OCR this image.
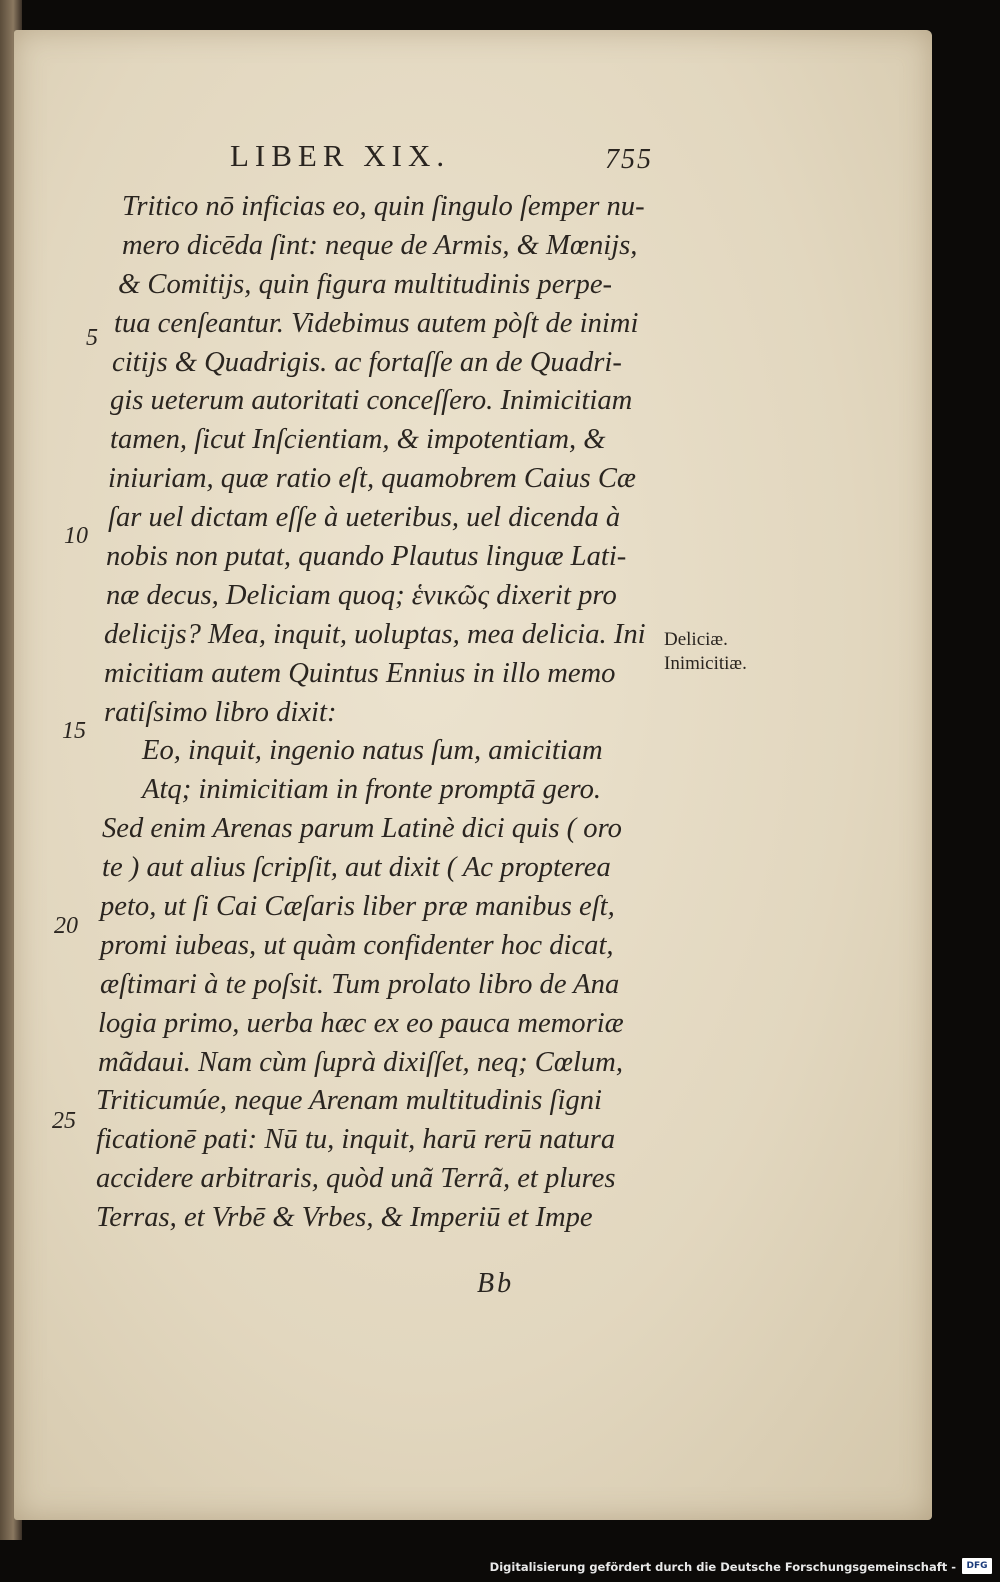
LIBER XIX.	755
5
10
15
20
25
Tritico nō inficias eo, quin ſingulo ſemper nu-
mero dicēda ſint: neque de Armis, & Mœnijs,
& Comitijs, quin figura multitudinis perpe-
tua cenſeantur. Videbimus autem pòſt de inimi
citijs & Quadrigis. ac fortaſſe an de Quadri-
gis ueterum autoritati conceſſero. Inimicitiam
tamen, ſicut Inſcientiam, & impotentiam, &
iniuriam, quæ ratio eſt, quamobrem Caius Cæ
ſar uel dictam eſſe à ueteribus, uel dicenda à
nobis non putat, quando Plautus linguæ Lati-
næ decus, Deliciam quoq; ἑνικῶς dixerit pro
delicijs? Mea, inquit, uoluptas, mea delicia. Ini
micitiam autem Quintus Ennius in illo memo
ratiſsimo libro dixit:
Eo, inquit, ingenio natus ſum, amicitiam
Atq; inimicitiam in fronte promptā gero.
Sed enim Arenas parum Latinè dici quis ( oro
te ) aut alius ſcripſit, aut dixit ( Ac propterea
peto, ut ſi Cai Cæſaris liber præ manibus eſt,
promi iubeas, ut quàm confidenter hoc dicat,
æſtimari à te poſsit. Tum prolato libro de Ana
logia primo, uerba hæc ex eo pauca memoriæ
mãdaui. Nam cùm ſuprà dixiſſet, neq; Cœlum,
Triticumúe, neque Arenam multitudinis ſigni
ficationē pati: Nū tu, inquit, harū rerū natura
accidere arbitraris, quòd unã Terrã, et plures
Terras, et Vrbē & Vrbes, & Imperiū et Impe
Deliciæ.
Inimicitiæ.
Bb
Digitalisierung gefördert durch die Deutsche Forschungsgemeinschaft -	DFG
